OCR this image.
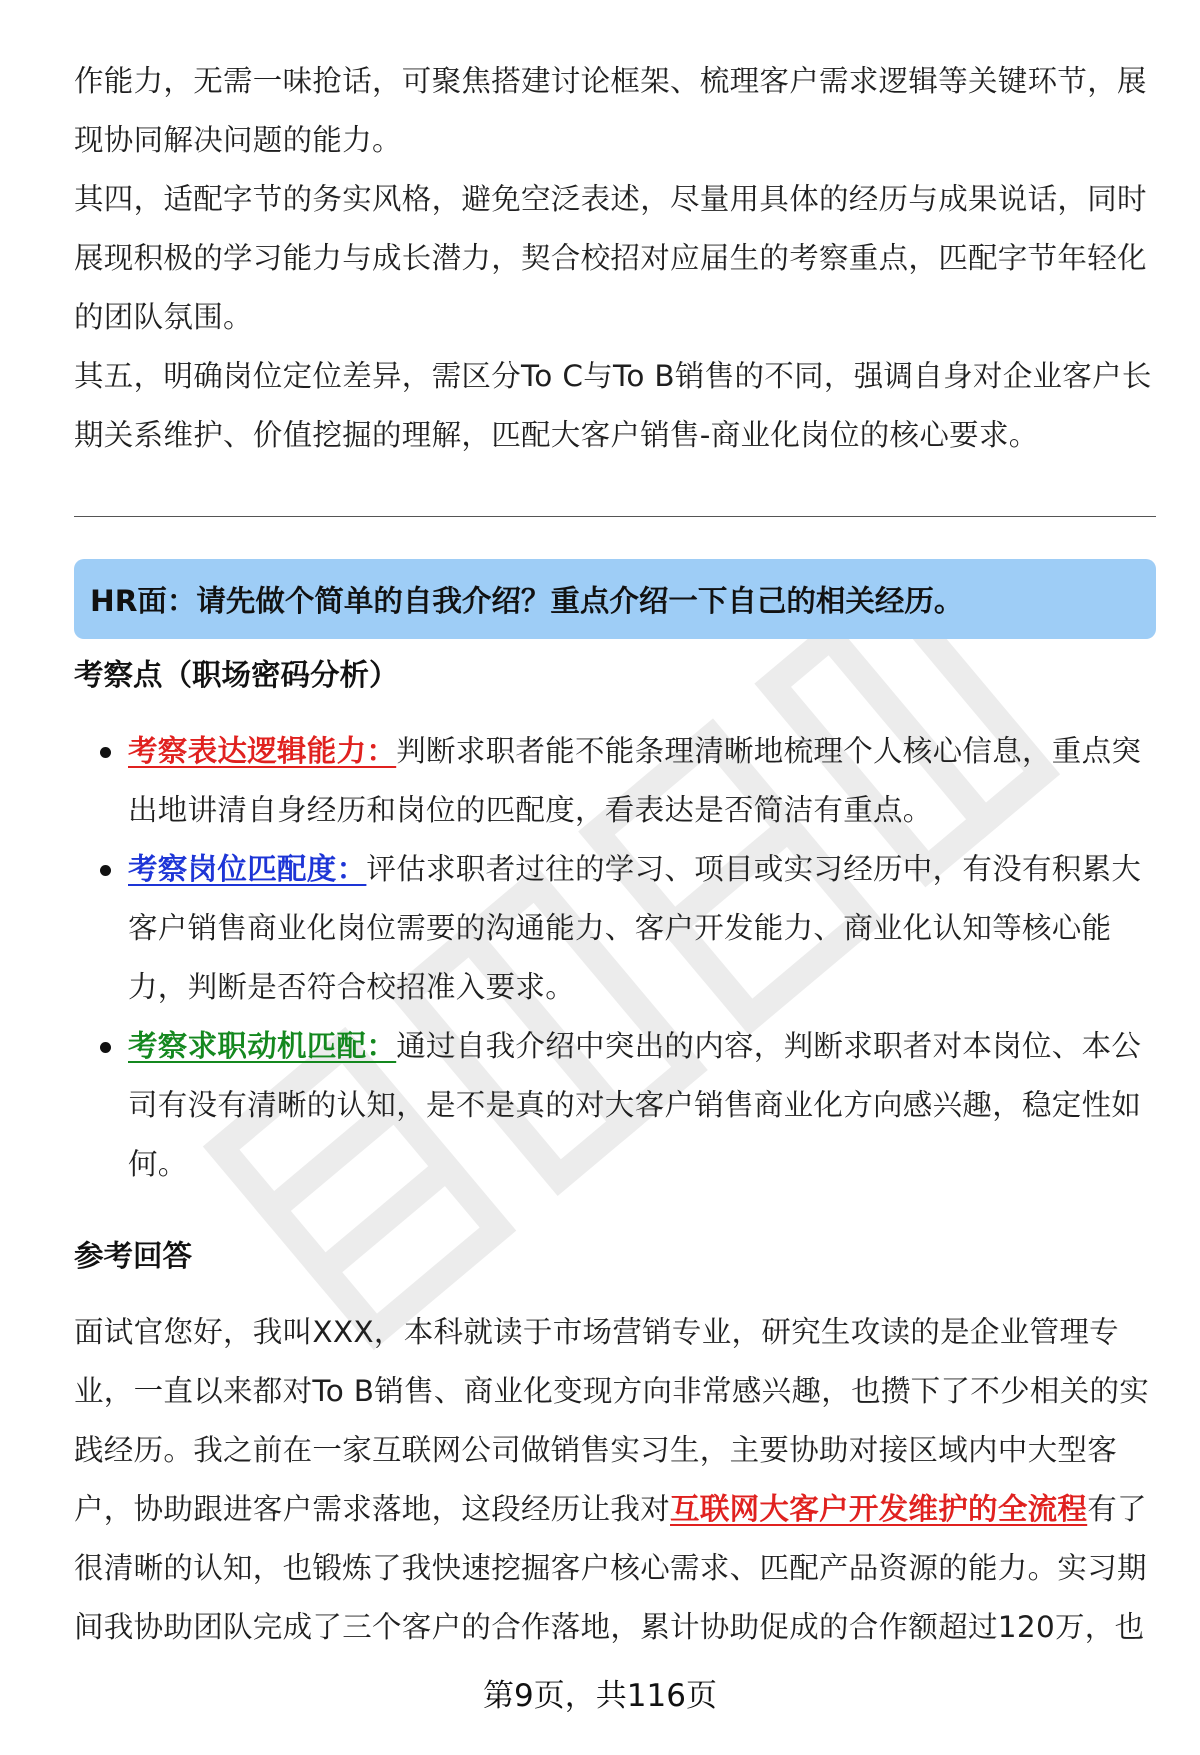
作能力，无需一味抢话，可聚焦搭建讨论框架、梳理客户需求逻辑等关键环节，展现协同解决问题的能力。

其四，适配字节的务实风格，避免空泛表述，尽量用具体的经历与成果说话，同时展现积极的学习能力与成长潜力，契合校招对应届生的考察重点，匹配字节年轻化的团队氛围。

其五，明确岗位定位差异，需区分To C与To B销售的不同，强调自身对企业客户长期关系维护、价值挖掘的理解，匹配大客户销售-商业化岗位的核心要求。

HR面：请先做个简单的自我介绍？重点介绍一下自己的相关经历。
考察点（职场密码分析）
考察表达逻辑能力：判断求职者能不能条理清晰地梳理个人核心信息，重点突出地讲清自身经历和岗位的匹配度，看表达是否简洁有重点。
考察岗位匹配度：评估求职者过往的学习、项目或实习经历中，有没有积累大客户销售商业化岗位需要的沟通能力、客户开发能力、商业化认知等核心能力，判断是否符合校招准入要求。
考察求职动机匹配：通过自我介绍中突出的内容，判断求职者对本岗位、本公司有没有清晰的认知，是不是真的对大客户销售商业化方向感兴趣，稳定性如何。
参考回答

面试官您好，我叫XXX，本科就读于市场营销专业，研究生攻读的是企业管理专业，一直以来都对To B销售、商业化变现方向非常感兴趣，也攒下了不少相关的实践经历。我之前在一家互联网公司做销售实习生，主要协助对接区域内中大型客户，协助跟进客户需求落地，这段经历让我对互联网大客户开发维护的全流程有了很清晰的认知，也锻炼了我快速挖掘客户核心需求、匹配产品资源的能力。实习期间我协助团队完成了三个客户的合作落地，累计协助促成的合作额超过120万，也

第9页，共116页
